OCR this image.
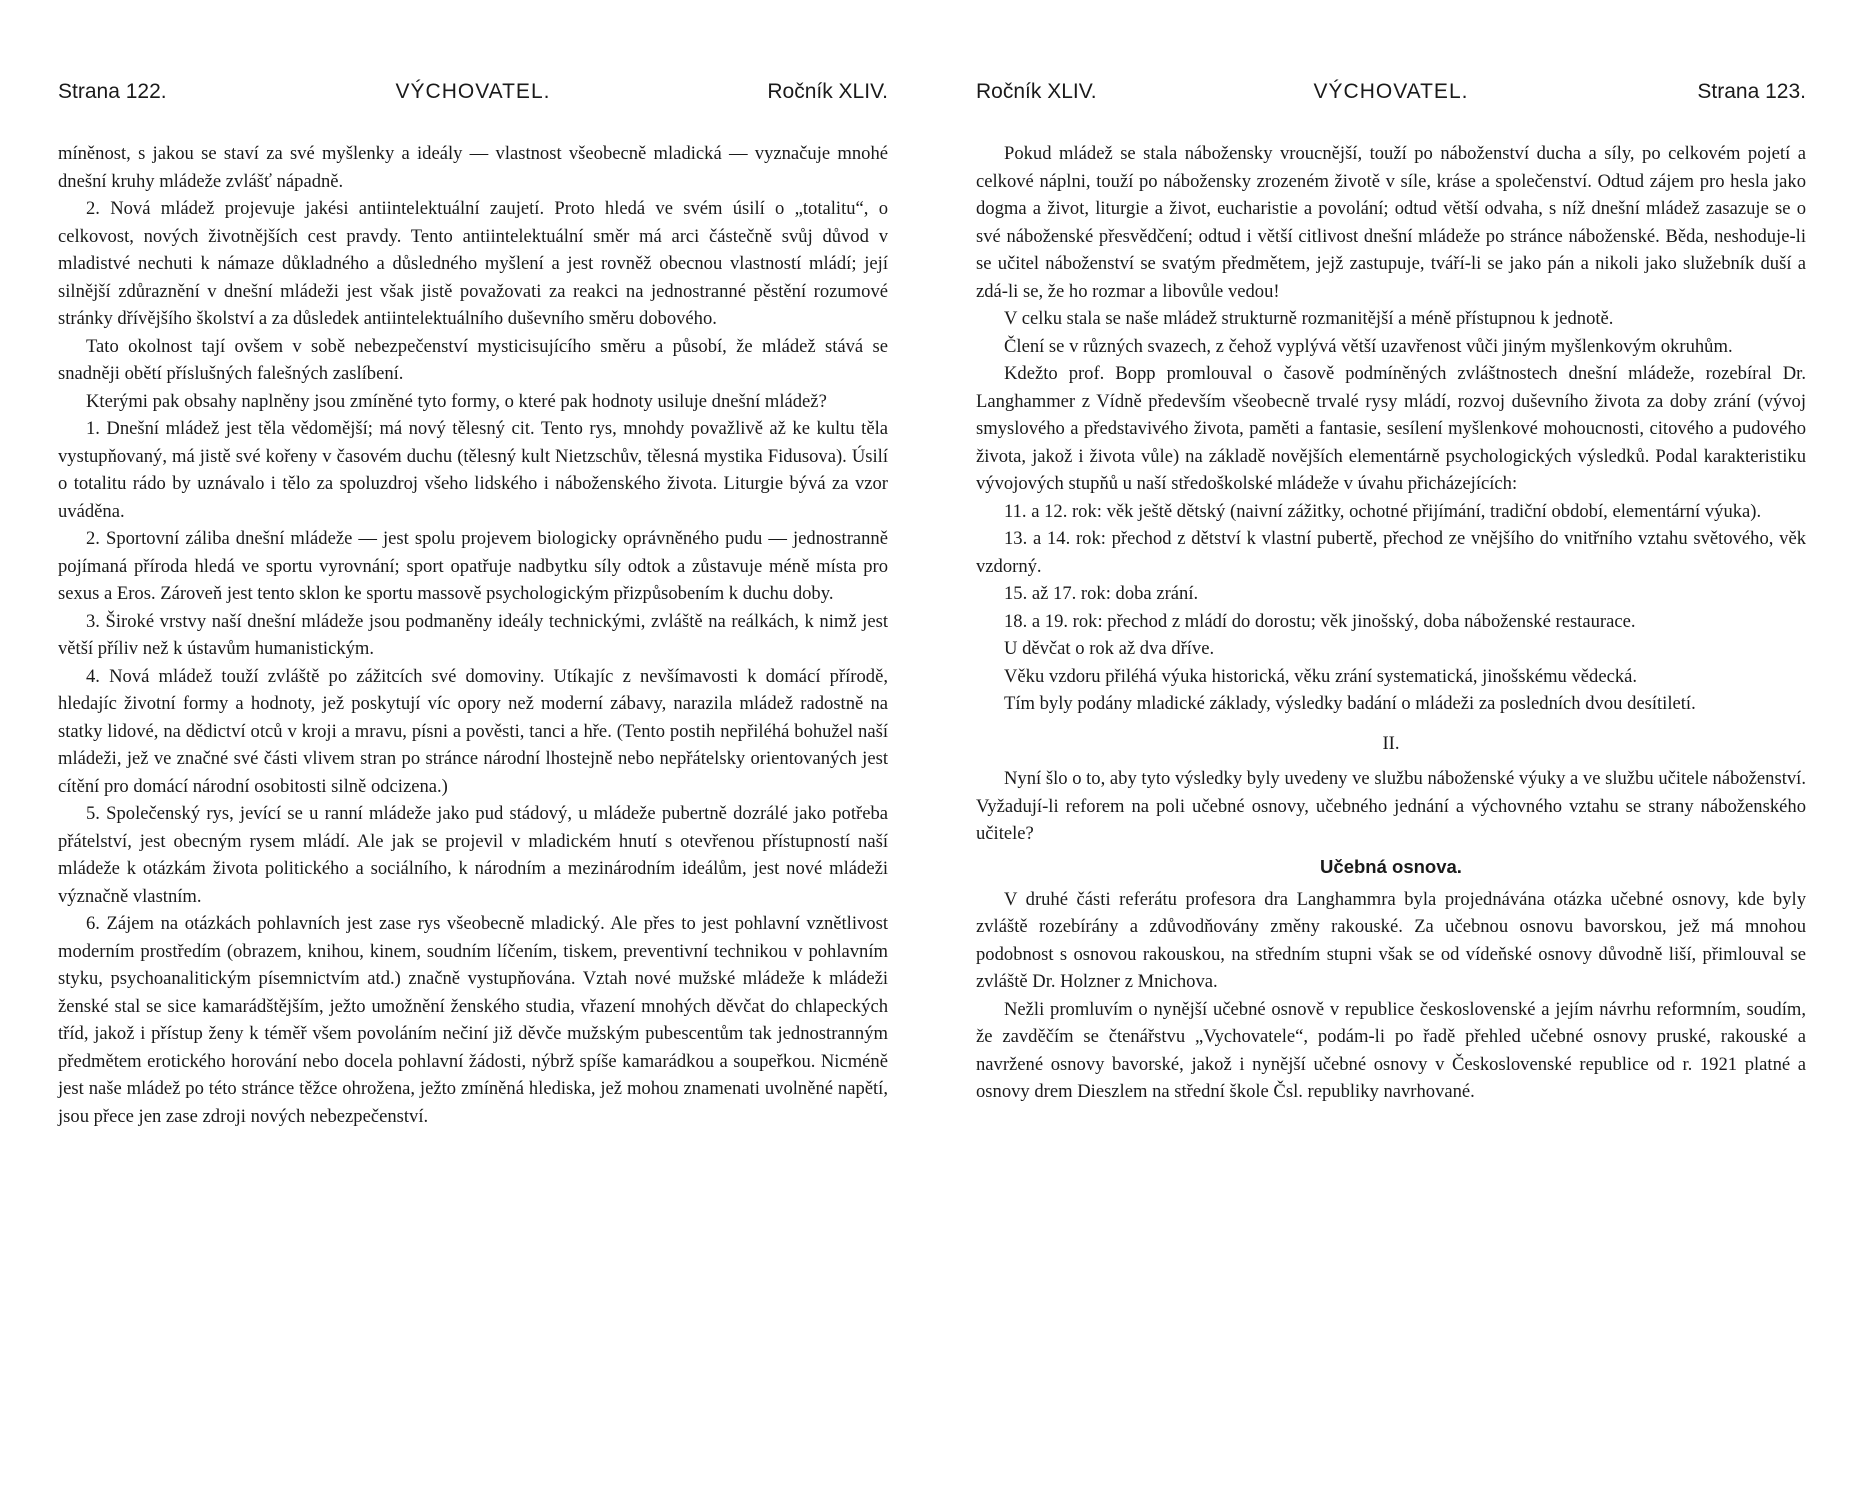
Strana 122.	VÝCHOVATEL.	Ročník XLIV.

míněnost, s jakou se staví za své myšlenky a ideály — vlastnost všeobecně mladická — vyznačuje mnohé dnešní kruhy mládeže zvlášť nápadně.

2. Nová mládež projevuje jakési antiintelektuální zaujetí. Proto hledá ve svém úsilí o „totalitu“, o celkovost, nových životnějších cest pravdy. Tento antiintelektuální směr má arci částečně svůj důvod v mladistvé nechuti k námaze důkladného a důsledného myšlení a jest rovněž obecnou vlastností mládí; její silnější zdůraznění v dnešní mládeži jest však jistě považovati za reakci na jednostranné pěstění rozumové stránky dřívějšího školství a za důsledek antiintelektuálního duševního směru dobového.

Tato okolnost tají ovšem v sobě nebezpečenství mysticisujícího směru a působí, že mládež stává se snadněji obětí příslušných falešných zaslíbení.

Kterými pak obsahy naplněny jsou zmíněné tyto formy, o které pak hodnoty usiluje dnešní mládež?

1. Dnešní mládež jest těla vědomější; má nový tělesný cit. Tento rys, mnohdy považlivě až ke kultu těla vystupňovaný, má jistě své kořeny v časovém duchu (tělesný kult Nietzschův, tělesná mystika Fidusova). Úsilí o totalitu rádo by uznávalo i tělo za spoluzdroj všeho lidského i náboženského života. Liturgie bývá za vzor uváděna.

2. Sportovní záliba dnešní mládeže — jest spolu projevem biologicky oprávněného pudu — jednostranně pojímaná příroda hledá ve sportu vyrovnání; sport opatřuje nadbytku síly odtok a zůstavuje méně místa pro sexus a Eros. Zároveň jest tento sklon ke sportu massově psychologickým přizpůsobením k duchu doby.

3. Široké vrstvy naší dnešní mládeže jsou podmaněny ideály technickými, zvláště na reálkách, k nimž jest větší příliv než k ústavům humanistickým.

4. Nová mládež touží zvláště po zážitcích své domoviny. Utíkajíc z nevšímavosti k domácí přírodě, hledajíc životní formy a hodnoty, jež poskytují víc opory než moderní zábavy, narazila mládež radostně na statky lidové, na dědictví otců v kroji a mravu, písni a pověsti, tanci a hře. (Tento postih nepřiléhá bohužel naší mládeži, jež ve značné své části vlivem stran po stránce národní lhostejně nebo nepřátelsky orientovaných jest cítění pro domácí národní osobitosti silně odcizena.)

5. Společenský rys, jevící se u ranní mládeže jako pud stádový, u mládeže pubertně dozrálé jako potřeba přátelství, jest obecným rysem mládí. Ale jak se projevil v mladickém hnutí s otevřenou přístupností naší mládeže k otázkám života politického a sociálního, k národním a mezinárodním ideálům, jest nové mládeži význačně vlastním.

6. Zájem na otázkách pohlavních jest zase rys všeobecně mladický. Ale přes to jest pohlavní vznětlivost moderním prostředím (obrazem, knihou, kinem, soudním líčením, tiskem, preventivní technikou v pohlavním styku, psychoanalitickým písemnictvím atd.) značně vystupňována. Vztah nové mužské mládeže k mládeži ženské stal se sice kamarádštějším, ježto umožnění ženského studia, vřazení mnohých děvčat do chlapeckých tříd, jakož i přístup ženy k téměř všem povoláním nečiní již děvče mužským pubescentům tak jednostranným předmětem erotického horování nebo docela pohlavní žádosti, nýbrž spíše kamarádkou a soupeřkou. Nicméně jest naše mládež po této stránce těžce ohrožena, ježto zmíněná hlediska, jež mohou znamenati uvolněné napětí, jsou přece jen zase zdroji nových nebezpečenství.

Ročník XLIV.	VÝCHOVATEL.	Strana 123.

Pokud mládež se stala nábožensky vroucnější, touží po náboženství ducha a síly, po celkovém pojetí a celkové náplni, touží po nábožensky zrozeném životě v síle, kráse a společenství. Odtud zájem pro hesla jako dogma a život, liturgie a život, eucharistie a povolání; odtud větší odvaha, s níž dnešní mládež zasazuje se o své náboženské přesvědčení; odtud i větší citlivost dnešní mládeže po stránce náboženské. Běda, neshoduje-li se učitel náboženství se svatým předmětem, jejž zastupuje, tváří-li se jako pán a nikoli jako služebník duší a zdá-li se, že ho rozmar a libovůle vedou!

V celku stala se naše mládež strukturně rozmanitější a méně přístupnou k jednotě.

Člení se v různých svazech, z čehož vyplývá větší uzavřenost vůči jiným myšlenkovým okruhům.

Kdežto prof. Bopp promlouval o časově podmíněných zvláštnostech dnešní mládeže, rozebíral Dr. Langhammer z Vídně především všeobecně trvalé rysy mládí, rozvoj duševního života za doby zrání (vývoj smyslového a představivého života, paměti a fantasie, sesílení myšlenkové mohoucnosti, citového a pudového života, jakož i života vůle) na základě novějších elementárně psychologických výsledků. Podal karakteristiku vývojových stupňů u naší středoškolské mládeže v úvahu přicházejících:

11. a 12. rok: věk ještě dětský (naivní zážitky, ochotné přijímání, tradiční období, elementární výuka).

13. a 14. rok: přechod z dětství k vlastní pubertě, přechod ze vnějšího do vnitřního vztahu světového, věk vzdorný.

15. až 17. rok: doba zrání.

18. a 19. rok: přechod z mládí do dorostu; věk jinošský, doba náboženské restaurace.

U děvčat o rok až dva dříve.

Věku vzdoru přiléhá výuka historická, věku zrání systematická, jinošskému vědecká.

Tím byly podány mladické základy, výsledky badání o mládeži za posledních dvou desítiletí.

II.

Nyní šlo o to, aby tyto výsledky byly uvedeny ve službu náboženské výuky a ve službu učitele náboženství. Vyžadují-li reforem na poli učebné osnovy, učebného jednání a výchovného vztahu se strany náboženského učitele?

Učebná osnova.

V druhé části referátu profesora dra Langhammra byla projednávána otázka učebné osnovy, kde byly zvláště rozebírány a zdůvodňovány změny rakouské. Za učebnou osnovu bavorskou, jež má mnohou podobnost s osnovou rakouskou, na středním stupni však se od vídeňské osnovy důvodně liší, přimlouval se zvláště Dr. Holzner z Mnichova.

Nežli promluvím o nynější učebné osnově v republice československé a jejím návrhu reformním, soudím, že zavděčím se čtenářstvu „Vychovatele“, podám-li po řadě přehled učebné osnovy pruské, rakouské a navržené osnovy bavorské, jakož i nynější učebné osnovy v Československé republice od r. 1921 platné a osnovy drem Dieszlem na střední škole Čsl. republiky navrhované.
